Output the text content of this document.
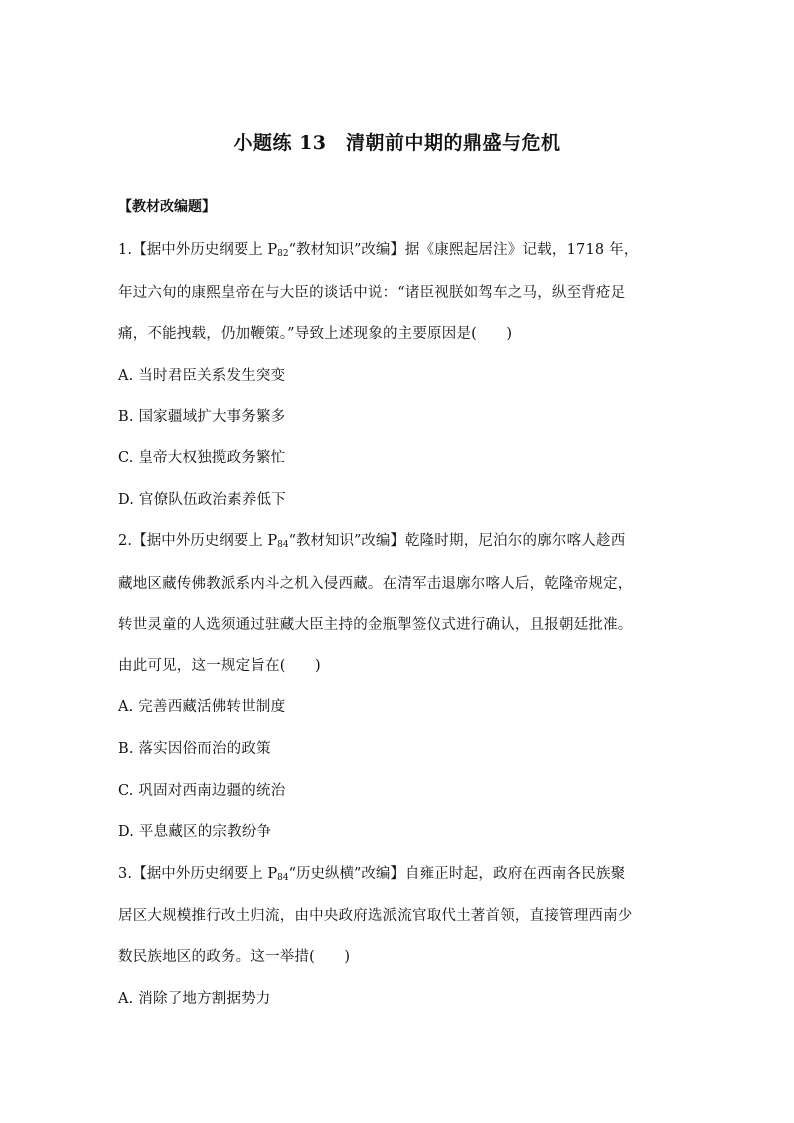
小题练 13　清朝前中期的鼎盛与危机
【教材改编题】
1.【据中外历史纲要上 $P_{82}“$教材知识”改编】据《康熙起居注》记载，1718 年，
年过六旬的康熙皇帝在与大臣的谈话中说：“诸臣视朕如驾车之马，纵至背疮足
痛，不能拽载，仍加鞭策。”导致上述现象的主要原因是(　　)
A. 当时君臣关系发生突变
B. 国家疆域扩大事务繁多
C. 皇帝大权独揽政务繁忙
D. 官僚队伍政治素养低下
2.【据中外历史纲要上 $P_{84}“$教材知识”改编】乾隆时期，尼泊尔的廓尔喀人趁西
藏地区藏传佛教派系内斗之机入侵西藏。在清军击退廓尔喀人后，乾隆帝规定，
转世灵童的人选须通过驻藏大臣主持的金瓶掣签仪式进行确认，且报朝廷批准。
由此可见，这一规定旨在(　　)
A. 完善西藏活佛转世制度
B. 落实因俗而治的政策
C. 巩固对西南边疆的统治
D. 平息藏区的宗教纷争
3.【据中外历史纲要上 $P_{84}“$历史纵横”改编】自雍正时起，政府在西南各民族聚
居区大规模推行改土归流，由中央政府选派流官取代土著首领，直接管理西南少
数民族地区的政务。这一举措(　　)
A. 消除了地方割据势力
